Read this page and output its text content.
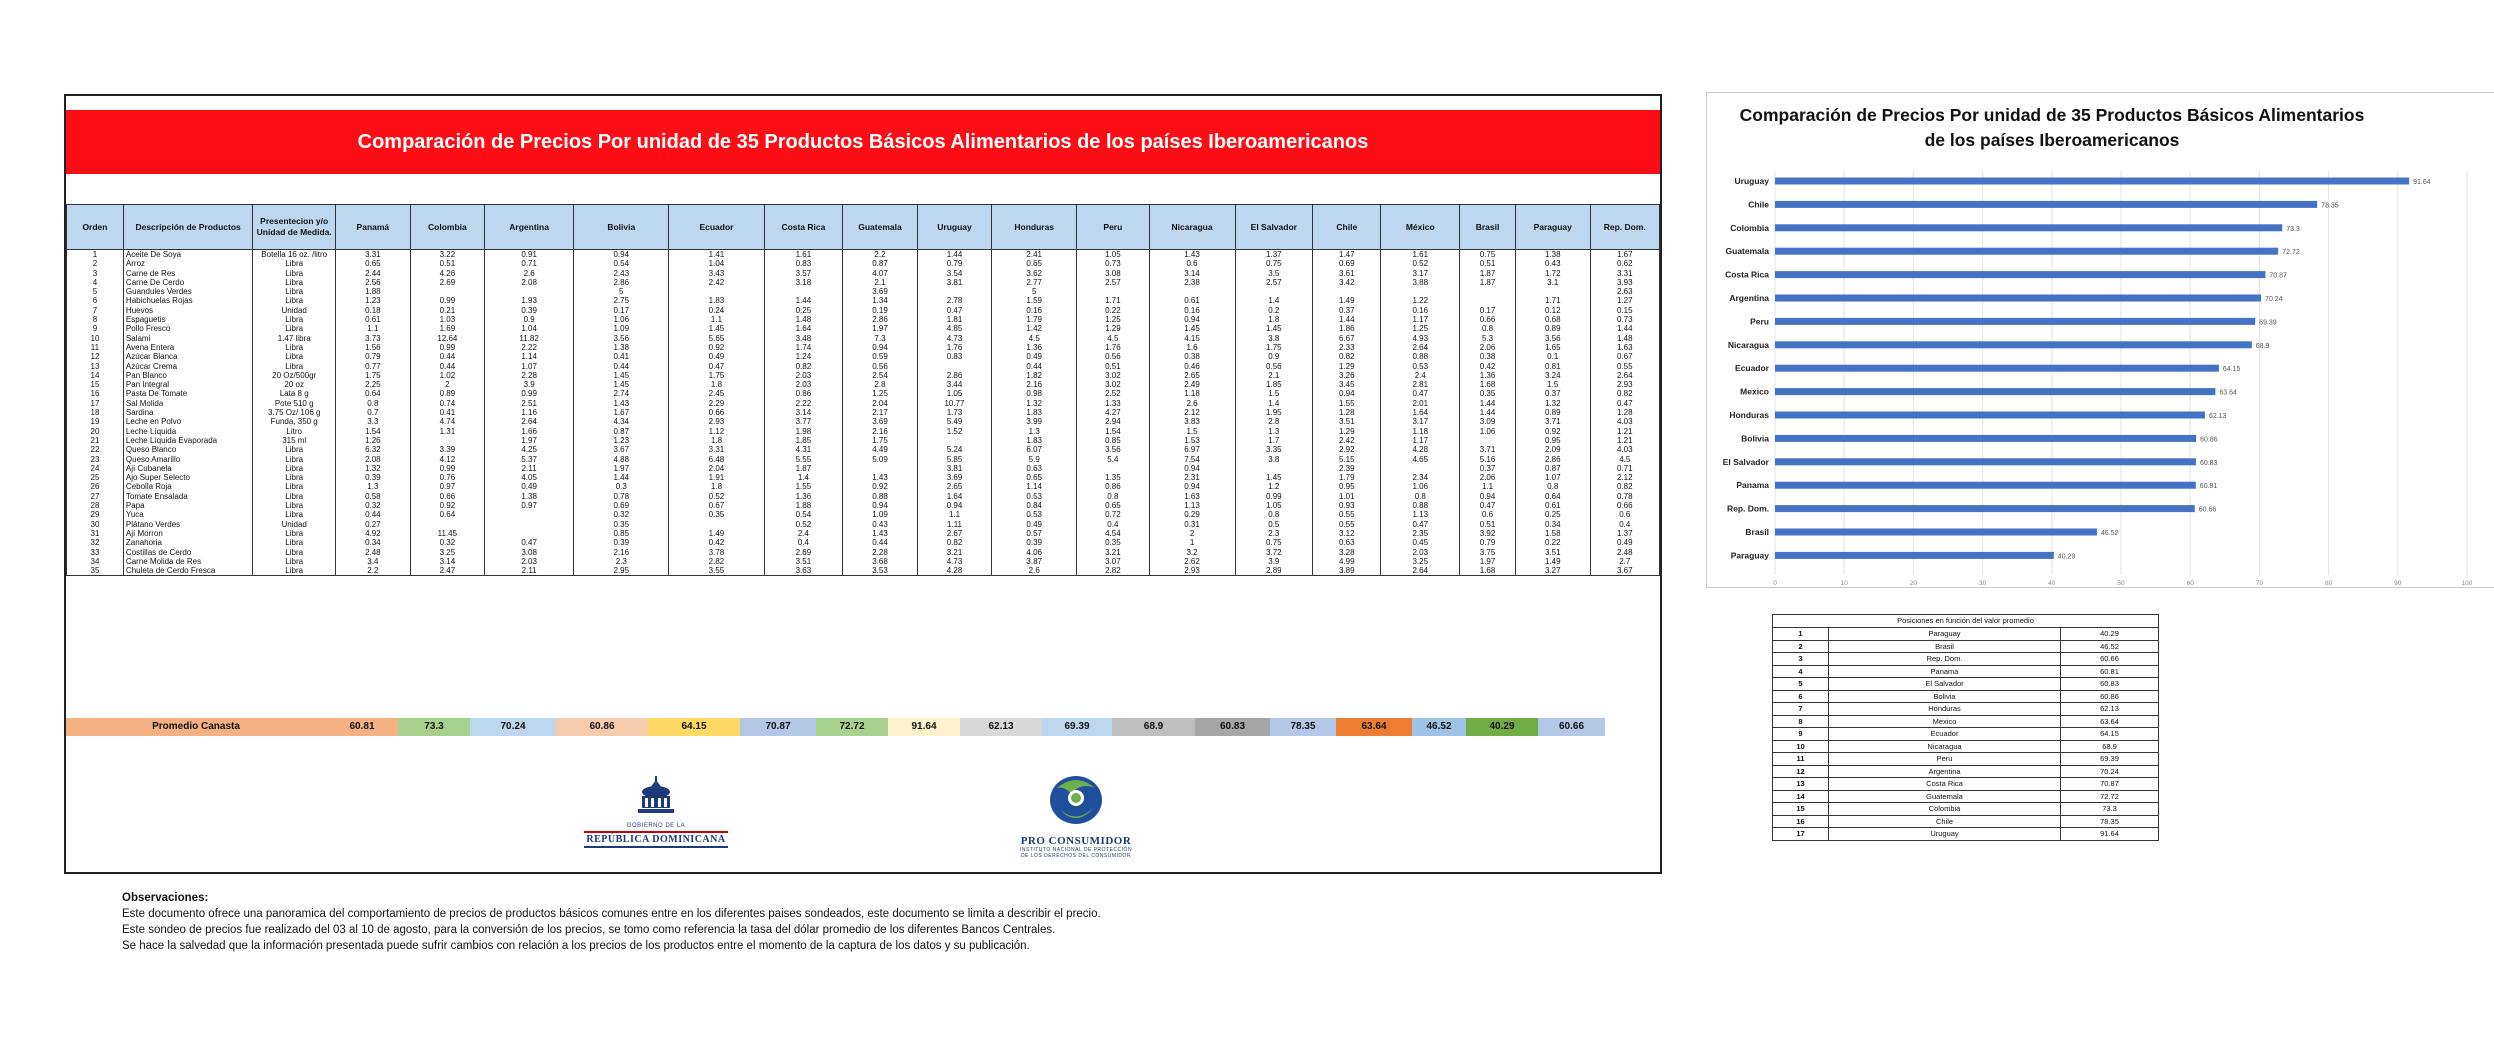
Comparación de Precios Por unidad de 35 Productos Básicos Alimentarios de los países Iberoamericanos
Orden	Descripción de Productos	Presentecion y/o Unidad de Medida.	Panamá	Colombia	Argentina	Bolivia	Ecuador	Costa Rica	Guatemala	Uruguay	Honduras	Peru	Nicaragua	El Salvador	Chile	México	Brasil	Paraguay	Rep. Dom.
1	Aceite De Soya	Botella 16 oz. /litro	3.31	3.22	0.91	0.94	1.41	1.61	2.2	1.44	2.41	1.05	1.43	1.37	1.47	1.61	0.75	1.38	1.67
2	Arroz	Libra	0.65	0.51	0.71	0.54	1.04	0.83	0.87	0.79	0.65	0.73	0.6	0.75	0.69	0.52	0.51	0.43	0.62
3	Carne de Res	Libra	2.44	4.26	2.6	2.43	3.43	3.57	4.07	3.54	3.62	3.08	3.14	3.5	3.61	3.17	1.87	1.72	3.31
4	Carne De Cerdo	Libra	2.56	2.69	2.08	2.86	2.42	3.18	2.1	3.81	2.77	2.57	2.38	2.57	3.42	3.88	1.87	3.1	3.93
5	Guandules Verdes	Libra	1.88			5			3.69		5								2.63
6	Habichuelas Rojas	Libra	1.23	0.99	1.93	2.75	1.83	1.44	1.34	2.78	1.59	1.71	0.61	1.4	1.49	1.22		1.71	1.27
7	Huevos	Unidad	0.18	0.21	0.39	0.17	0.24	0.25	0.19	0.47	0.16	0.22	0.16	0.2	0.37	0.16	0.17	0.12	0.15
8	Espaguetis	Libra	0.61	1.03	0.9	1.06	1.1	1.48	2.86	1.81	1.79	1.25	0.94	1.8	1.44	1.17	0.66	0.68	0.73
9	Pollo Fresco	Libra	1.1	1.69	1.04	1.09	1.45	1.64	1.97	4.85	1.42	1.29	1.45	1.45	1.86	1.25	0.8	0.89	1.44
10	Salami	1.47 libra	3.73	12.64	11.82	3.56	5.65	3.48	7.3	4.73	4.5	4.5	4.15	3.8	6.67	4.93	5.3	3.56	1.48
11	Avena Entera	Libra	1.56	0.99	2.22	1.38	0.92	1.74	0.94	1.76	1.36	1.76	1.6	1.75	2.33	2.64	2.06	1.65	1.63
12	Azúcar Blanca	Libra	0.79	0.44	1.14	0.41	0.49	1.24	0.59	0.83	0.49	0.56	0.38	0.9	0.82	0.88	0.38	0.1	0.67
13	Azúcar Crema	Libra	0.77	0.44	1.07	0.44	0.47	0.82	0.56		0.44	0.51	0.46	0.56	1.29	0.53	0.42	0.81	0.55
14	Pan Blanco	20 Oz/500gr	1.75	1.02	2.28	1.45	1.75	2.03	2.54	2.86	1.82	3.02	2.65	2.1	3.26	2.4	1.36	3.24	2.64
15	Pan Integral	20 oz	2.25	2	3.9	1.45	1.8	2.03	2.8	3.44	2.16	3.02	2.49	1.85	3.45	2.81	1.68	1.5	2.93
16	Pasta De Tomate	Lata 8 g	0.64	0.89	0.99	2.74	2.45	0.86	1.25	1.05	0.98	2.52	1.18	1.5	0.94	0.47	0.35	0.37	0.82
17	Sal Molida	Pote 510 g	0.8	0.74	2.51	1.43	2.29	2.22	2.04	10.77	1.32	1.33	2.6	1.4	1.55	2.01	1.44	1.32	0.47
18	Sardina	3.75 Oz/ 106 g	0.7	0.41	1.16	1.67	0.66	3.14	2.17	1.73	1.83	4.27	2.12	1.95	1.28	1.64	1.44	0.89	1.28
19	Leche en Polvo	Funda, 350 g	3.3	4.74	2.64	4.34	2.93	3.77	3.69	5.49	3.99	2.94	3.83	2.8	3.51	3.17	3.09	3.71	4.03
20	Leche Líquida	Litro	1.54	1.31	1.66	0.87	1.12	1.98	2.16	1.52	1.3	1.54	1.5	1.3	1.29	1.18	1.06	0.92	1.21
21	Leche Líquida Evaporada	315 ml	1.26		1.97	1.23	1.8	1.85	1.75		1.83	0.85	1.53	1.7	2.42	1.17		0.95	1.21
22	Queso Blanco	Libra	6.32	3.39	4.25	3.67	3.31	4.31	4.49	5.24	6.07	3.56	6.97	3.35	2.92	4.28	3.71	2.09	4.03
23	Queso Amarillo	Libra	2.08	4.12	5.37	4.88	6.48	5.55	5.09	5.85	5.9	5.4	7.54	3.8	5.15	4.65	5.16	2.86	4.5
24	Ají Cubanela	Libra	1.32	0.99	2.11	1.97	2.04	1.87		3.81	0.63		0.94		2.39		0.37	0.87	0.71
25	Ajo Super Selecto	Libra	0.39	0.76	4.05	1.44	1.91	1.4	1.43	3.69	0.65	1.35	2.31	1.45	1.79	2.34	2.06	1.07	2.12
26	Cebolla Roja	Libra	1.3	0.97	0.49	0.3	1.8	1.55	0.92	2.65	1.14	0.86	0.94	1.2	0.95	1.06	1.1	0.8	0.82
27	Tomate Ensalada	Libra	0.58	0.66	1.38	0.78	0.52	1.36	0.88	1.64	0.53	0.8	1.63	0.99	1.01	0.8	0.94	0.64	0.78
28	Papa	Libra	0.32	0.92	0.97	0.69	0.67	1.88	0.94	0.94	0.84	0.65	1.13	1.05	0.93	0.88	0.47	0.61	0.66
29	Yuca	Libra	0.44	0.64		0.32	0.35	0.54	1.09	1.1	0.53	0.72	0.29	0.8	0.55	1.13	0.6	0.25	0.6
30	Plátano Verdes	Unidad	0.27			0.35		0.52	0.43	1.11	0.49	0.4	0.31	0.5	0.55	0.47	0.51	0.34	0.4
31	Ají Morron	Libra	4.92	11.45		0.85	1.49	2.4	1.43	2.67	0.57	4.54	2	2.3	3.12	2.35	3.92	1.58	1.37
32	Zanahoria	Libra	0.34	0.32	0.47	0.39	0.42	0.4	0.44	0.82	0.39	0.35	1	0.75	0.63	0.45	0.79	0.22	0.49
33	Costillas de Cerdo	Libra	2.48	3.25	3.08	2.16	3.78	2.69	2.28	3.21	4.06	3.21	3.2	3.72	3.28	2.03	3.75	3.51	2.48
34	Carne Molida de Res	Libra	3.4	3.14	2.03	2.3	2.82	3.51	3.68	4.73	3.87	3.07	2.62	3.9	4.99	3.25	1.97	1.49	2.7
35	Chuleta de Cerdo Fresca	Libra	2.2	2.47	2.11	2.95	3.55	3.63	3.53	4.28	2.6	2.82	2.93	2.89	3.89	2.64	1.68	3.27	3.67
Promedio Canasta	60.81	73.3	70.24	60.86	64.15	70.87	72.72	91.64	62.13	69.39	68.9	60.83	78.35	63.64	46.52	40.29	60.66
GOBIERNO DE LA
REPÚBLICA DOMINICANA	PRO CONSUMIDOR
INSTITUTO NACIONAL DE PROTECCIÓN
DE LOS DERECHOS DEL CONSUMIDOR
Observaciones:
Este documento ofrece una panoramica del comportamiento de precios de productos básicos comunes entre en los diferentes paises sondeados, este documento se limita a describir el precio.
Este sondeo de precios fue realizado del 03 al 10 de agosto, para la conversión de los precios, se tomo como referencia la tasa del dólar promedio de los diferentes Bancos Centrales.
Se hace la salvedad que la información presentada puede sufrir cambios con relación a los precios de los productos entre el momento de la captura de los datos y su publicación.
Comparación de Precios Por unidad de 35 Productos Básicos Alimentarios
de los países Iberoamericanos
0	10	20	30	40	50	60	70	80	90	100
Uruguay	91.64
Chile	78.35
Colombia	73.3
Guatemala	72.72
Costa Rica	70.87
Argentina	70.24
Peru	69.39
Nicaragua	68.9
Ecuador	64.15
Mexico	63.64
Honduras	62.13
Bolivia	60.86
El Salvador	60.83
Panama	60.81
Rep. Dom.	60.66
Brasil	46.52
Paraguay	40.29
Posiciones en función del valor promedio
1	Paraguay	40.29
2	Brasil	46.52
3	Rep. Dom.	60.66
4	Panama	60.81
5	El Salvador	60.83
6	Bolivia	60.86
7	Honduras	62.13
8	Mexico	63.64
9	Ecuador	64.15
10	Nicaragua	68.9
11	Peru	69.39
12	Argentina	70.24
13	Costa Rica	70.87
14	Guatemala	72.72
15	Colombia	73.3
16	Chile	78.35
17	Uruguay	91.64
